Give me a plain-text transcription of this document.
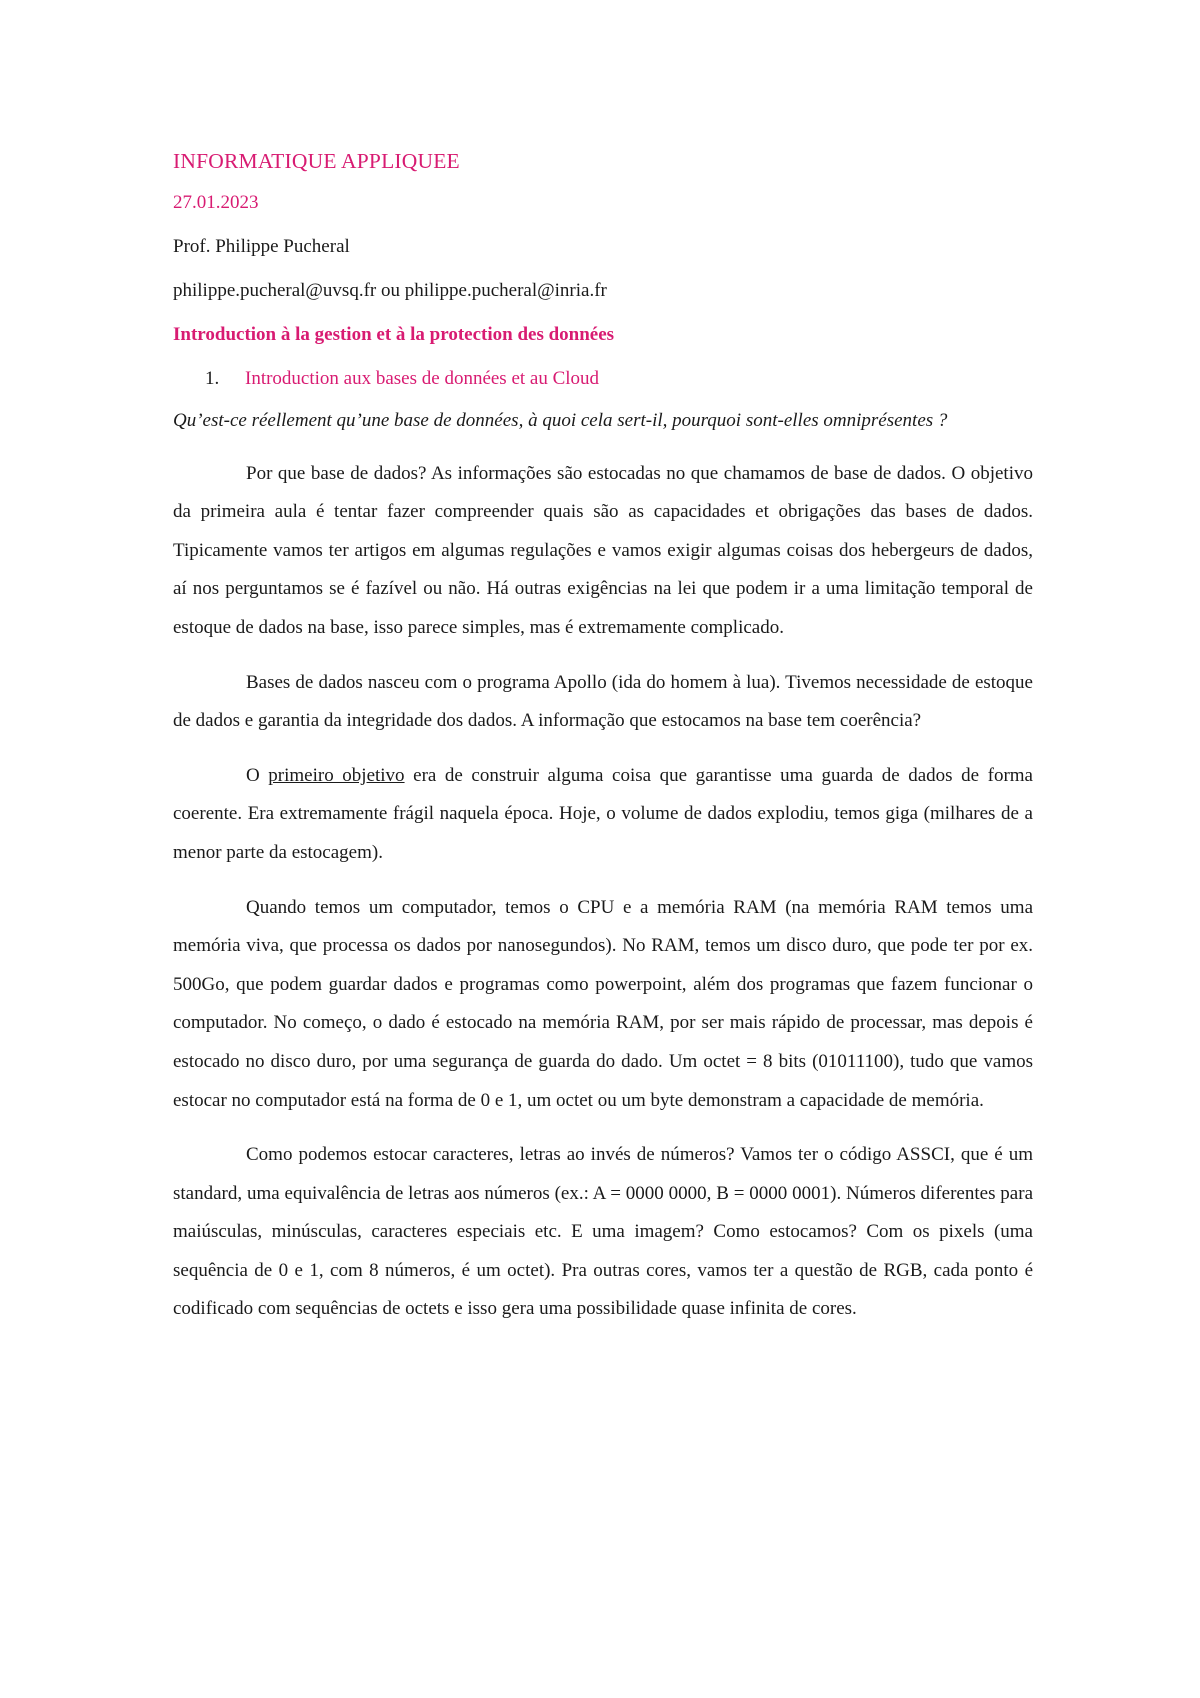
INFORMATIQUE APPLIQUEE
27.01.2023
Prof. Philippe Pucheral
philippe.pucheral@uvsq.fr ou philippe.pucheral@inria.fr
Introduction à la gestion et à la protection des données
1.	Introduction aux bases de données et au Cloud

Qu’est-ce réellement qu’une base de données, à quoi cela sert-il, pourquoi sont-elles omniprésentes ?

Por que base de dados? As informações são estocadas no que chamamos de base de dados. O objetivo da primeira aula é tentar fazer compreender quais são as capacidades et obrigações das bases de dados. Tipicamente vamos ter artigos em algumas regulações e vamos exigir algumas coisas dos hebergeurs de dados, aí nos perguntamos se é fazível ou não. Há outras exigências na lei que podem ir a uma limitação temporal de estoque de dados na base, isso parece simples, mas é extremamente complicado.

Bases de dados nasceu com o programa Apollo (ida do homem à lua). Tivemos necessidade de estoque de dados e garantia da integridade dos dados. A informação que estocamos na base tem coerência?

O primeiro objetivo era de construir alguma coisa que garantisse uma guarda de dados de forma coerente. Era extremamente frágil naquela época. Hoje, o volume de dados explodiu, temos giga (milhares de a menor parte da estocagem).

Quando temos um computador, temos o CPU e a memória RAM (na memória RAM temos uma memória viva, que processa os dados por nanosegundos). No RAM, temos um disco duro, que pode ter por ex. 500Go, que podem guardar dados e programas como powerpoint, além dos programas que fazem funcionar o computador. No começo, o dado é estocado na memória RAM, por ser mais rápido de processar, mas depois é estocado no disco duro, por uma segurança de guarda do dado. Um octet = 8 bits (01011100), tudo que vamos estocar no computador está na forma de 0 e 1, um octet ou um byte demonstram a capacidade de memória.

Como podemos estocar caracteres, letras ao invés de números? Vamos ter o código ASSCI, que é um standard, uma equivalência de letras aos números (ex.: A = 0000 0000, B = 0000 0001). Números diferentes para maiúsculas, minúsculas, caracteres especiais etc. E uma imagem? Como estocamos? Com os pixels (uma sequência de 0 e 1, com 8 números, é um octet). Pra outras cores, vamos ter a questão de RGB, cada ponto é codificado com sequências de octets e isso gera uma possibilidade quase infinita de cores.
